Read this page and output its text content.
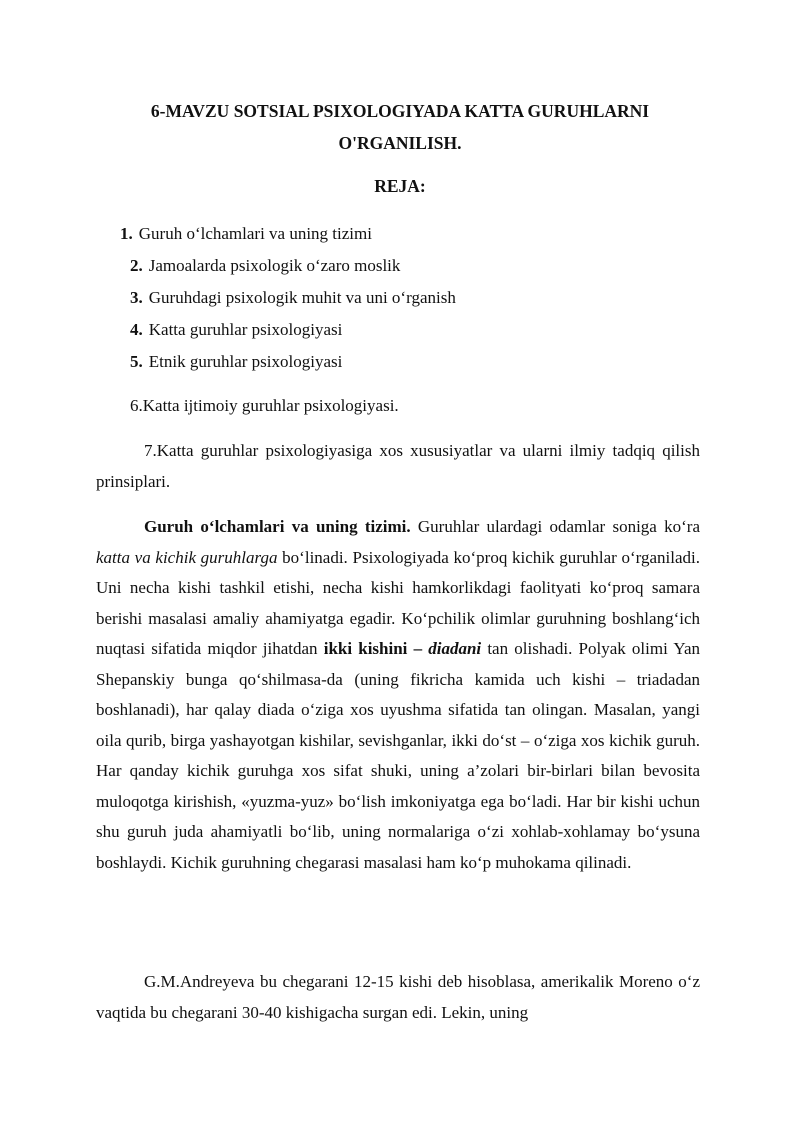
6-MAVZU SOTSIAL PSIXOLOGIYADA KATTA GURUHLARNI
O'RGANILISH.
REJA:
1. Guruh o‘lchamlari va uning tizimi
2. Jamoalarda psixologik o‘zaro moslik
3. Guruhdagi psixologik muhit va uni o‘rganish
4. Katta guruhlar psixologiyasi
5. Etnik guruhlar psixologiyasi
6.Katta ijtimoiy guruhlar psixologiyasi.

7.Katta guruhlar psixologiyasiga xos xususiyatlar va ularni ilmiy tadqiq qilish prinsiplari.

Guruh o‘lchamlari va uning tizimi. Guruhlar ulardagi odamlar soniga ko‘ra katta va kichik guruhlarga bo‘linadi. Psixologiyada ko‘proq kichik guruhlar o‘rganiladi. Uni necha kishi tashkil etishi, necha kishi hamkorlikdagi faolityati ko‘proq samara berishi masalasi amaliy ahamiyatga egadir. Ko‘pchilik olimlar guruhning boshlang‘ich nuqtasi sifatida miqdor jihatdan ikki kishini – diadani tan olishadi. Polyak olimi Yan Shepanskiy bunga qo‘shilmasa-da (uning fikricha kamida uch kishi – triadadan boshlanadi), har qalay diada o‘ziga xos uyushma sifatida tan olingan. Masalan, yangi oila qurib, birga yashayotgan kishilar, sevishganlar, ikki do‘st – o‘ziga xos kichik guruh. Har qanday kichik guruhga xos sifat shuki, uning a’zolari bir-birlari bilan bevosita muloqotga kirishish, «yuzma-yuz» bo‘lish imkoniyatga ega bo‘ladi. Har bir kishi uchun shu guruh juda ahamiyatli bo‘lib, uning normalariga o‘zi xohlab-xohlamay bo‘ysuna boshlaydi. Kichik guruhning chegarasi masalasi ham ko‘p muhokama qilinadi.

G.M.Andreyeva bu chegarani 12-15 kishi deb hisoblasa, amerikalik Moreno o‘z vaqtida bu chegarani 30-40 kishigacha surgan edi. Lekin, uning
